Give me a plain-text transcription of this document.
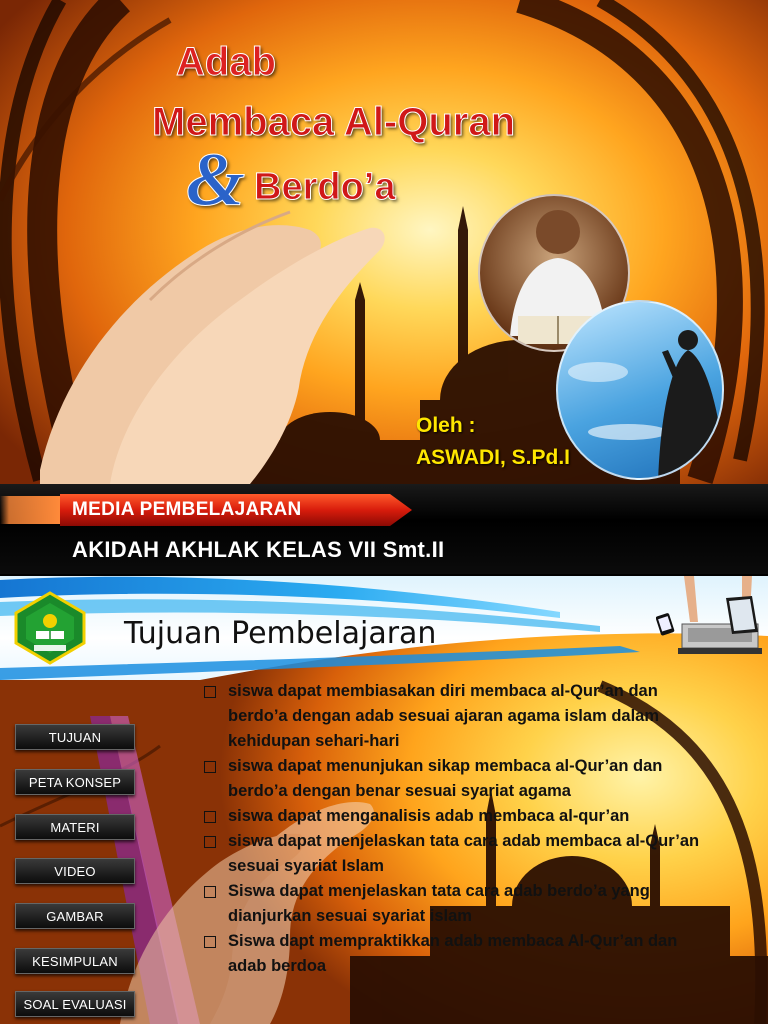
Adab
Membaca Al-Quran
& Berdo’a
Oleh :
ASWADI, S.Pd.I
MEDIA PEMBELAJARAN
AKIDAH AKHLAK KELAS VII Smt.II
Tujuan Pembelajaran
TUJUAN
PETA KONSEP
MATERI
VIDEO
GAMBAR
KESIMPULAN
SOAL EVALUASI
siswa dapat membiasakan diri membaca al-Qur’an dan berdo’a dengan adab sesuai ajaran agama islam dalam kehidupan sehari-hari
siswa dapat menunjukan sikap membaca al-Qur’an dan berdo’a dengan benar sesuai syariat agama
siswa dapat menganalisis adab membaca al-qur’an
siswa dapat menjelaskan tata cara adab membaca al-Qur’an sesuai syariat Islam
Siswa dapat menjelaskan tata cara adab berdo’a yang dianjurkan sesuai syariat islam
Siswa dapt mempraktikkan adab membaca Al-Qur’an dan adab berdoa
